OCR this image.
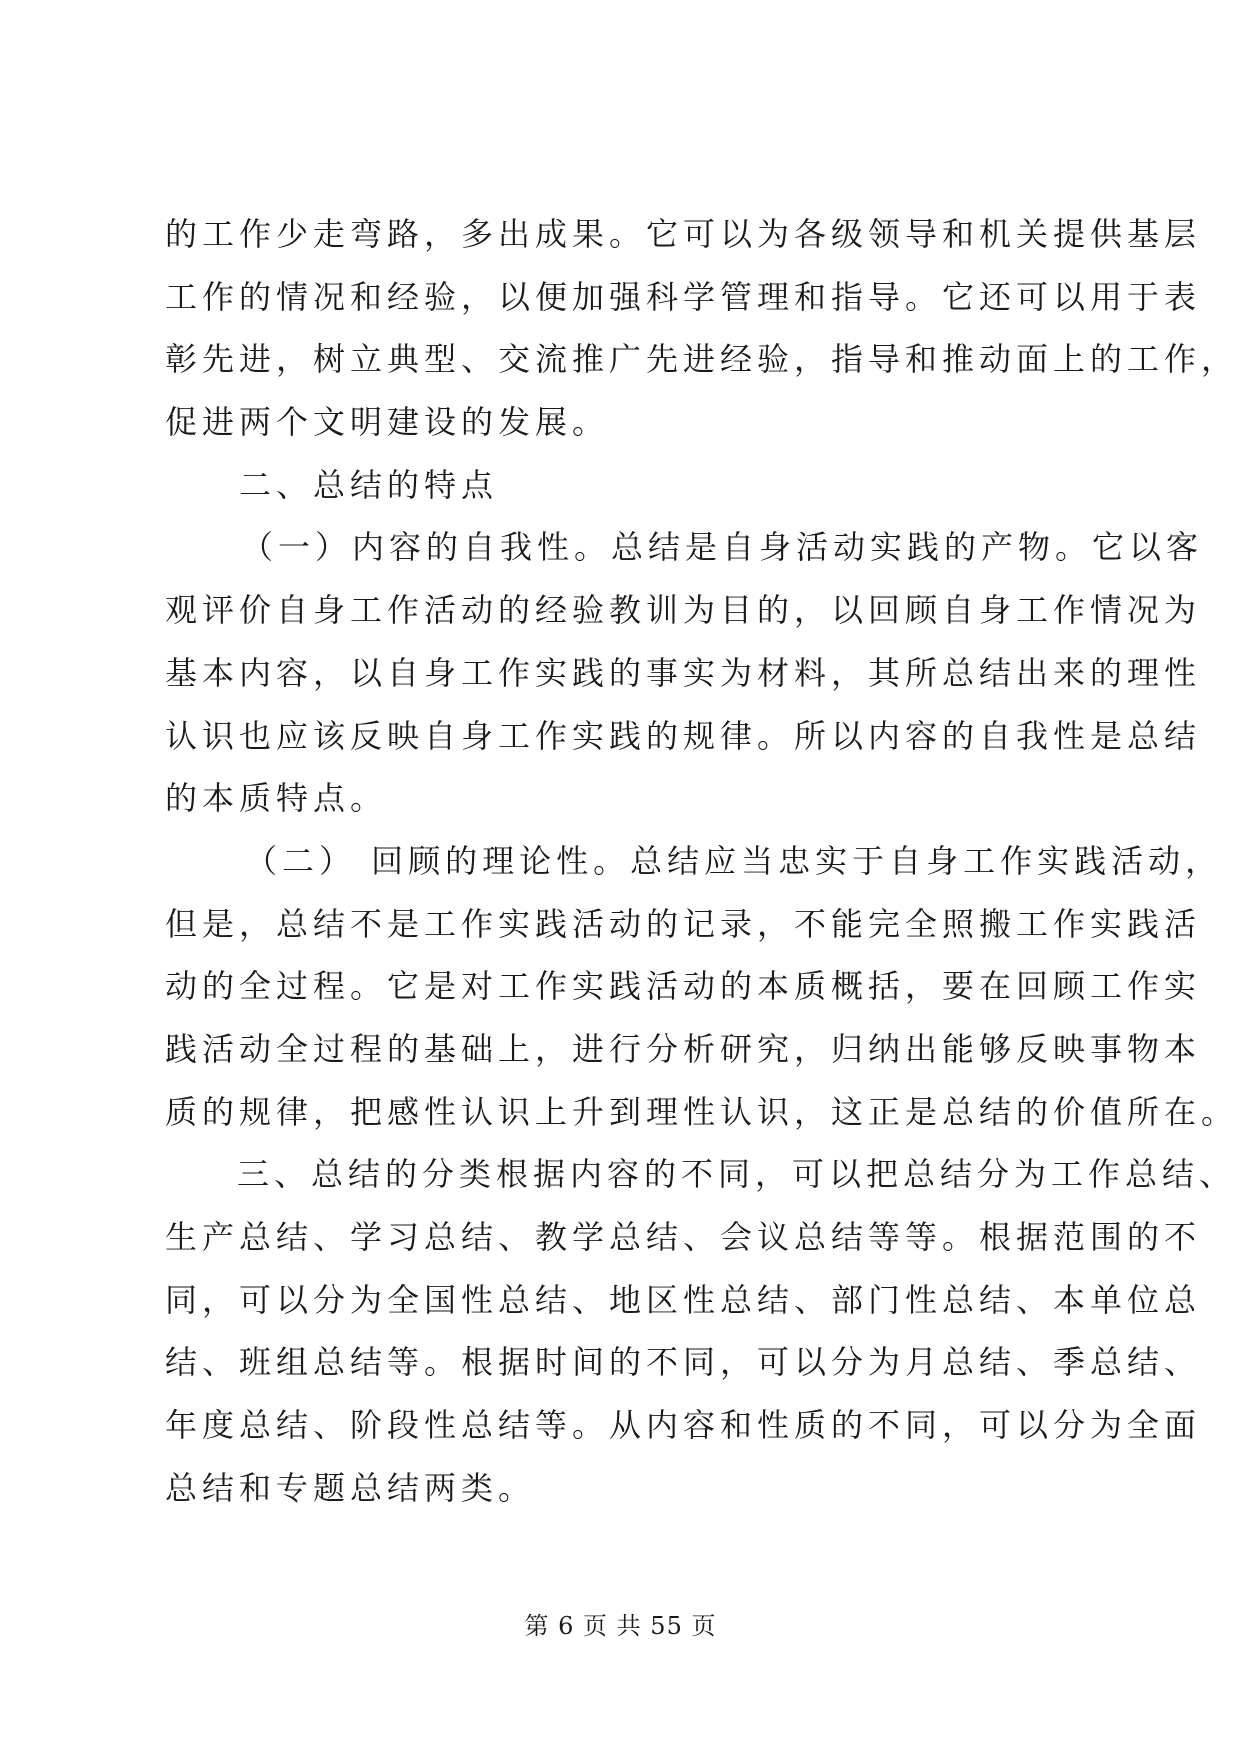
的工作少走弯路，多出成果。它可以为各级领导和机关提供基层
工作的情况和经验，以便加强科学管理和指导。它还可以用于表
彰先进，树立典型、交流推广先进经验，指导和推动面上的工作，
促进两个文明建设的发展。
二、总结的特点
（一）内容的自我性。总结是自身活动实践的产物。它以客
观评价自身工作活动的经验教训为目的，以回顾自身工作情况为
基本内容，以自身工作实践的事实为材料，其所总结出来的理性
认识也应该反映自身工作实践的规律。所以内容的自我性是总结
的本质特点。
（二） 回顾的理论性。总结应当忠实于自身工作实践活动，
但是，总结不是工作实践活动的记录，不能完全照搬工作实践活
动的全过程。它是对工作实践活动的本质概括，要在回顾工作实
践活动全过程的基础上，进行分析研究，归纳出能够反映事物本
质的规律，把感性认识上升到理性认识，这正是总结的价值所在。
三、总结的分类根据内容的不同，可以把总结分为工作总结、
生产总结、学习总结、教学总结、会议总结等等。根据范围的不
同，可以分为全国性总结、地区性总结、部门性总结、本单位总
结、班组总结等。根据时间的不同，可以分为月总结、季总结、
年度总结、阶段性总结等。从内容和性质的不同，可以分为全面
总结和专题总结两类。
第 6 页 共 55 页
